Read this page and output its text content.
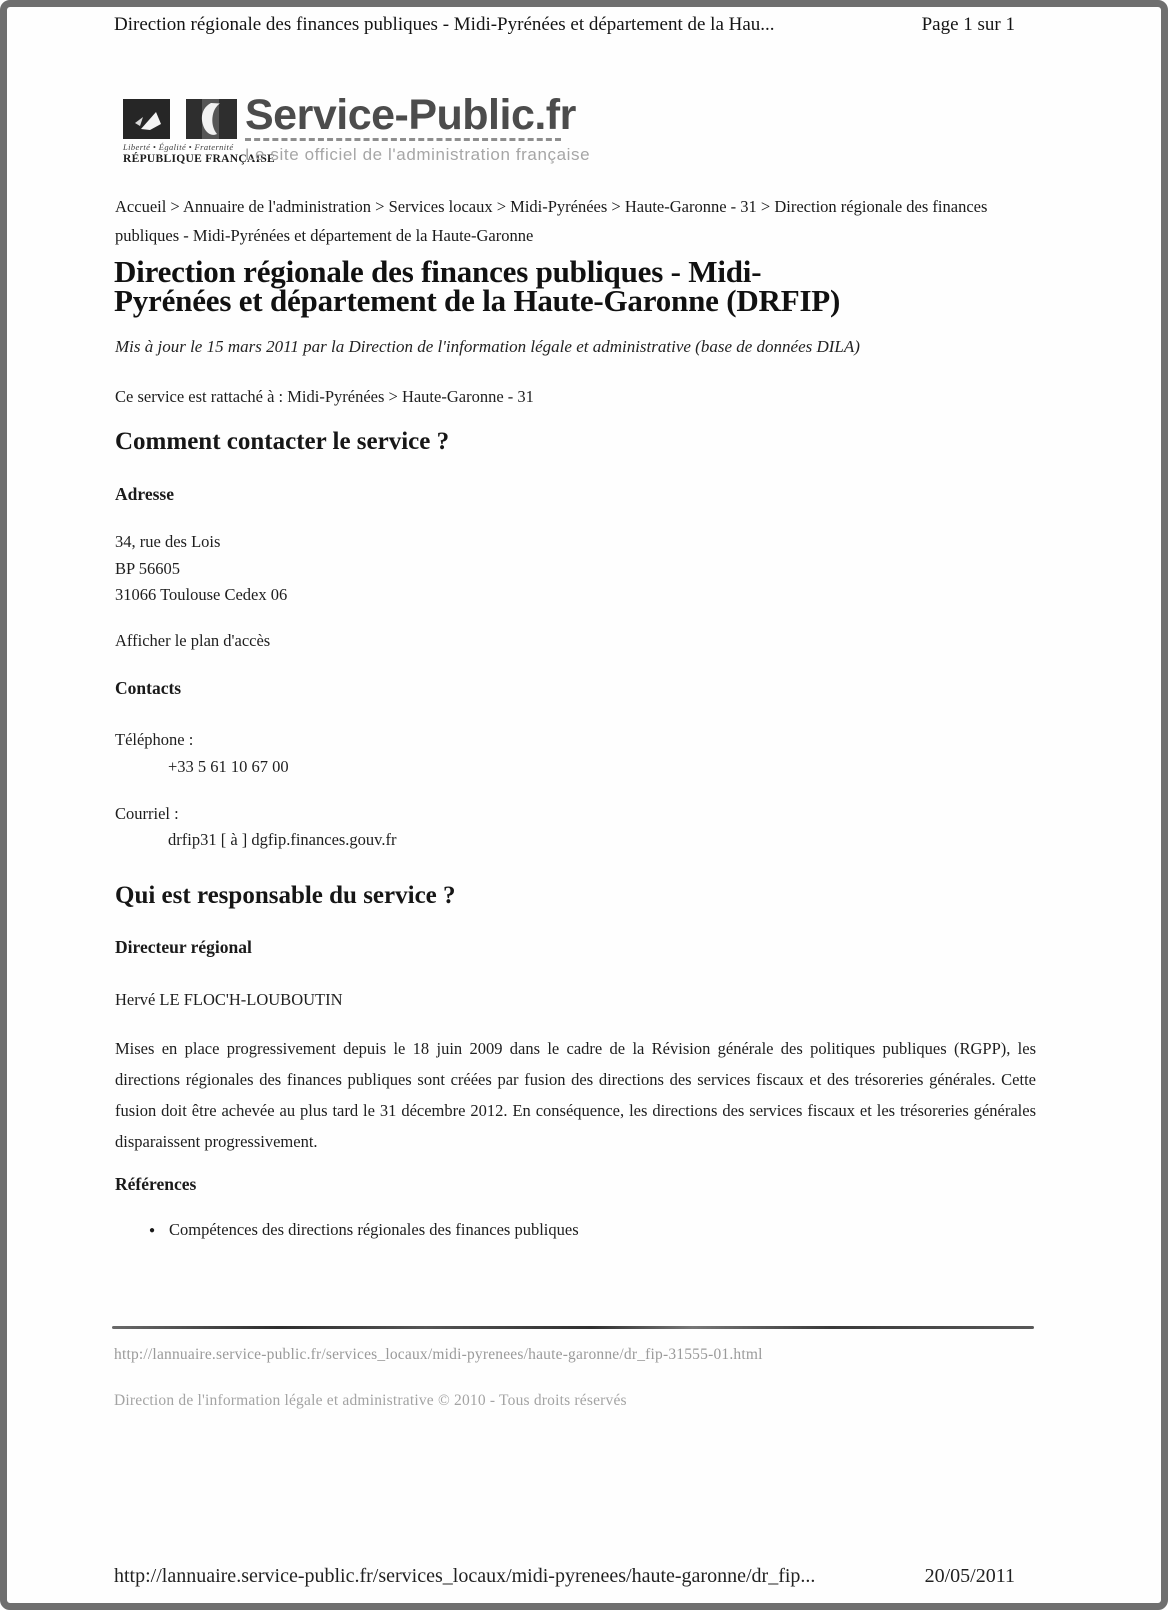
Direction régionale des finances publiques - Midi-Pyrénées et département de la Hau...	Page 1 sur 1
Liberté • Égalité • Fraternité
RÉPUBLIQUE FRANÇAISE
Service-Public.fr
Le site officiel de l'administration française
Accueil > Annuaire de l'administration > Services locaux > Midi-Pyrénées > Haute-Garonne - 31 > Direction régionale des finances publiques - Midi-Pyrénées et département de la Haute-Garonne
Direction régionale des finances publiques - Midi-
Pyrénées et département de la Haute-Garonne (DRFIP)

Mis à jour le 15 mars 2011 par la Direction de l'information légale et administrative (base de données DILA)

Ce service est rattaché à : Midi-Pyrénées > Haute-Garonne - 31

Comment contacter le service ?
Adresse
34, rue des Lois
BP 56605
31066 Toulouse Cedex 06
Afficher le plan d'accès
Contacts
Téléphone :
+33 5 61 10 67 00
Courriel :
drfip31 [ à ] dgfip.finances.gouv.fr
Qui est responsable du service ?
Directeur régional
Hervé LE FLOC'H-LOUBOUTIN

Mises en place progressivement depuis le 18 juin 2009 dans le cadre de la Révision générale des politiques publiques (RGPP), les directions régionales des finances publiques sont créées par fusion des directions des services fiscaux et des trésoreries générales. Cette fusion doit être achevée au plus tard le 31 décembre 2012. En conséquence, les directions des services fiscaux et les trésoreries générales disparaissent progressivement.

Références
● Compétences des directions régionales des finances publiques
http://lannuaire.service-public.fr/services_locaux/midi-pyrenees/haute-garonne/dr_fip-31555-01.html
Direction de l'information légale et administrative © 2010 - Tous droits réservés
http://lannuaire.service-public.fr/services_locaux/midi-pyrenees/haute-garonne/dr_fip...	20/05/2011
